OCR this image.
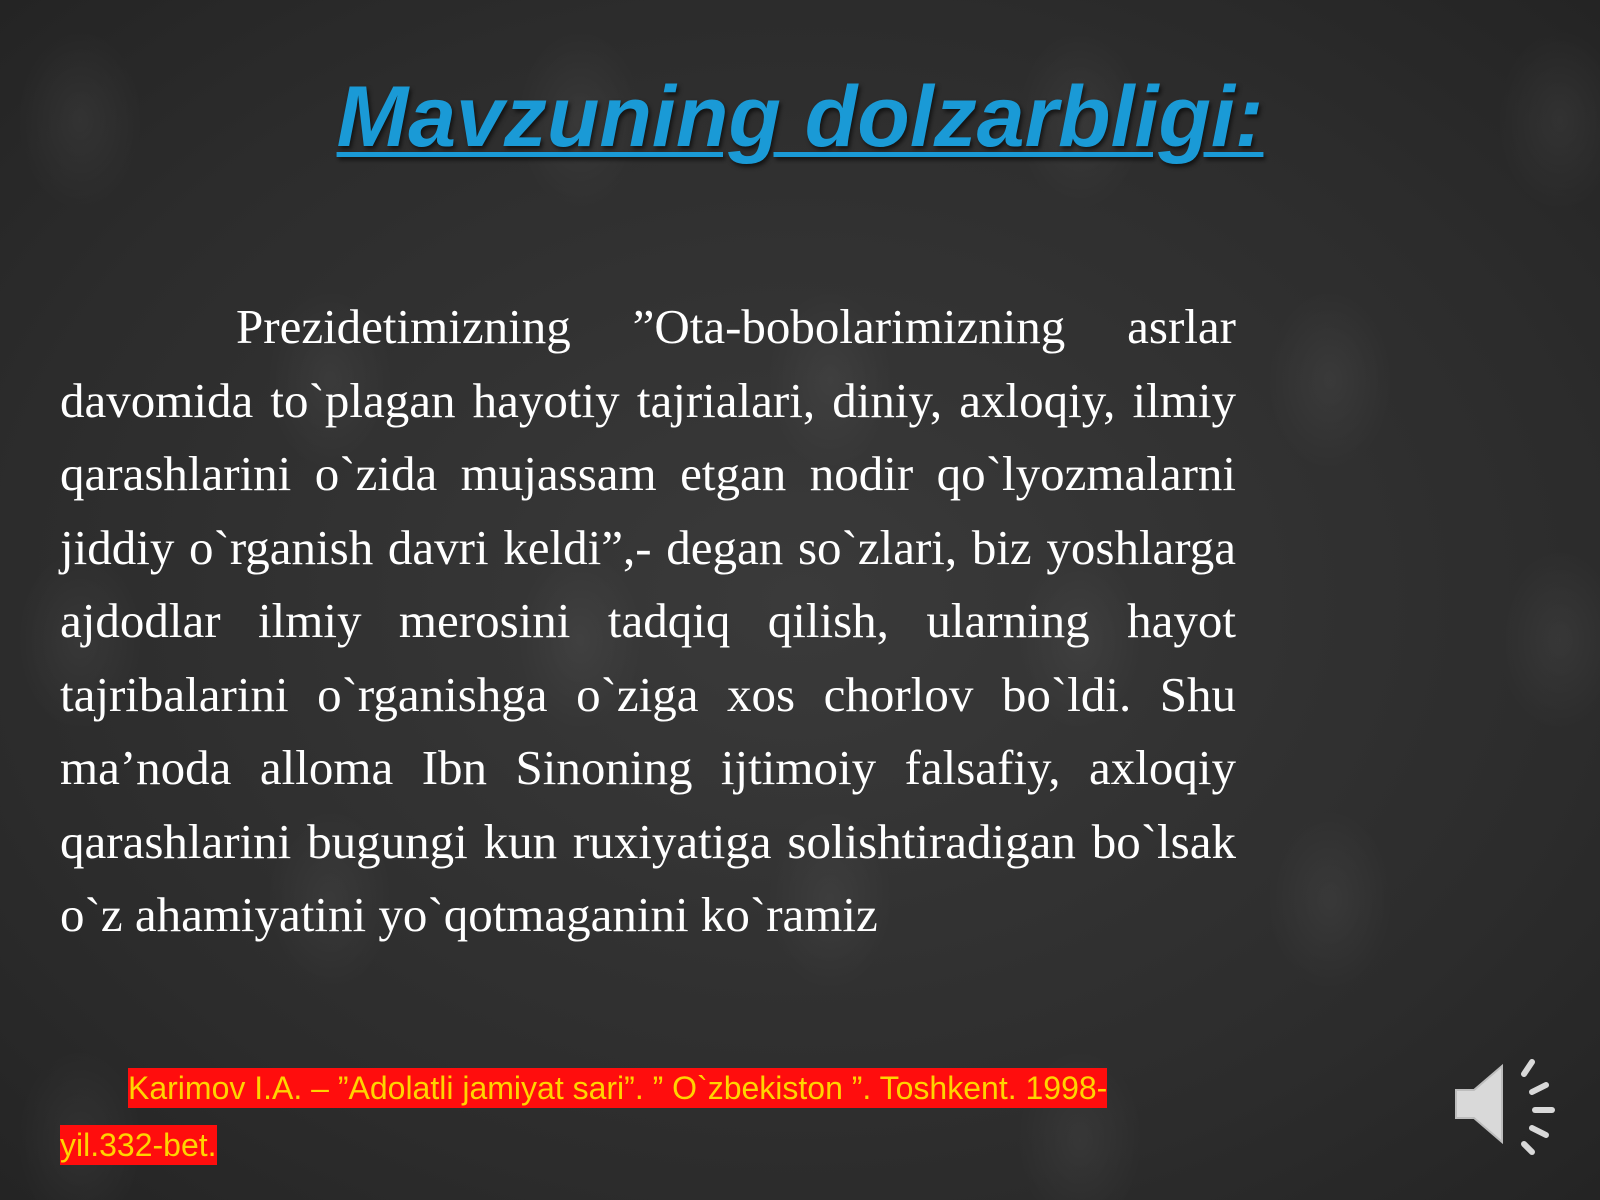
Mavzuning dolzarbligi:

Prezidetimizning ”Ota-bobolarimizning asrlar davomida to`plagan hayotiy tajrialari, diniy, axloqiy, ilmiy qarashlarini o`zida mujassam etgan nodir qo`lyozmalarni jiddiy o`rganish davri keldi”,- degan so`zlari, biz yoshlarga ajdodlar ilmiy merosini tadqiq qilish, ularning hayot tajribalarini o`rganishga o`ziga xos chorlov bo`ldi. Shu ma’noda alloma Ibn Sinoning ijtimoiy falsafiy, axloqiy qarashlarini bugungi kun ruxiyatiga solishtiradigan bo`lsak o`z ahamiyatini yo`qotmaganini ko`ramiz

Karimov I.A. – ”Adolatli jamiyat sari”. ” O`zbekiston ”. Toshkent. 1998-yil.332-bet.
